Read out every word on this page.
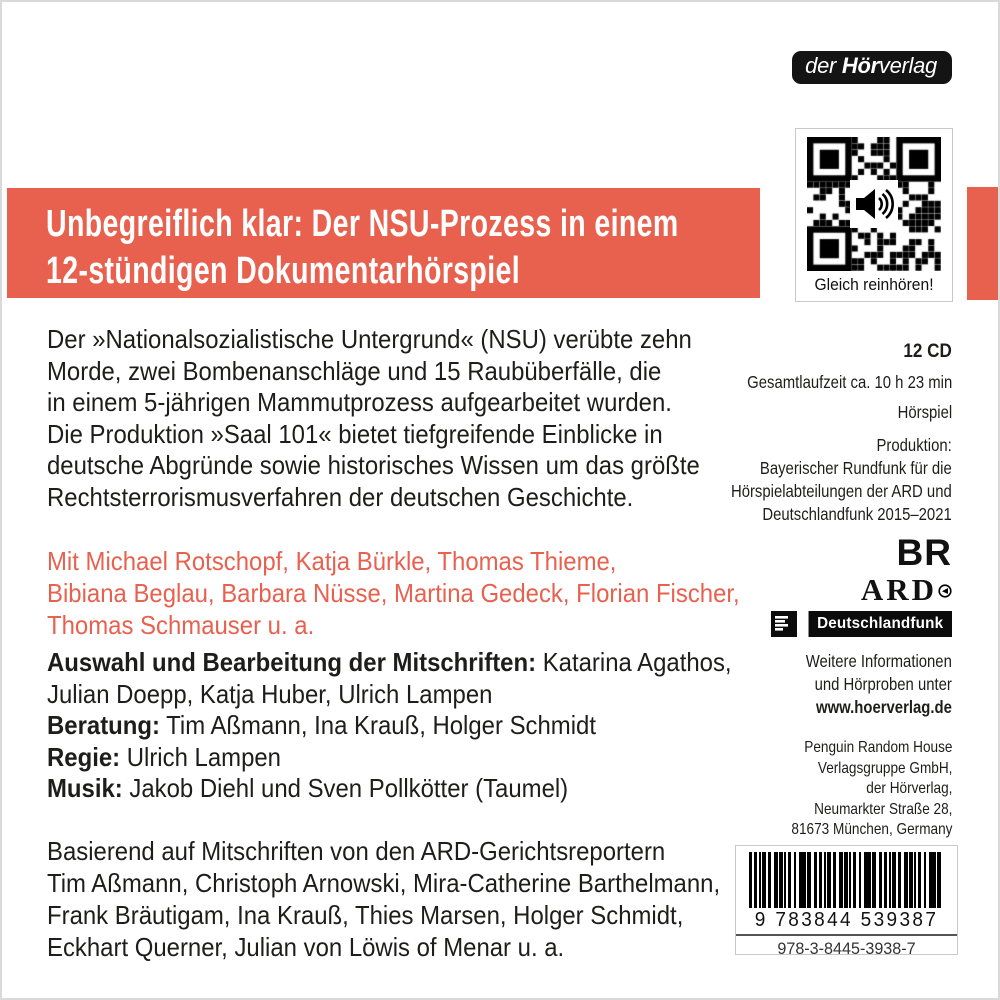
der Hörverlag
Gleich reinhören!
Unbegreiflich klar: Der NSU-Prozess in einem
12-stündigen Dokumentarhörspiel
Der »Nationalsozialistische Untergrund« (NSU) verübte zehn
Morde, zwei Bombenanschläge und 15 Raubüberfälle, die
in einem 5-jährigen Mammutprozess aufgearbeitet wurden.
Die Produktion »Saal 101« bietet tiefgreifende Einblicke in
deutsche Abgründe sowie historisches Wissen um das größte
Rechtsterrorismusverfahren der deutschen Geschichte.
Mit Michael Rotschopf, Katja Bürkle, Thomas Thieme,
Bibiana Beglau, Barbara Nüsse, Martina Gedeck, Florian Fischer,
Thomas Schmauser u. a.
Auswahl und Bearbeitung der Mitschriften: Katarina Agathos,
Julian Doepp, Katja Huber, Ulrich Lampen
Beratung: Tim Aßmann, Ina Krauß, Holger Schmidt
Regie: Ulrich Lampen
Musik: Jakob Diehl und Sven Pollkötter (Taumel)
Basierend auf Mitschriften von den ARD-Gerichtsreportern
Tim Aßmann, Christoph Arnowski, Mira-Catherine Barthelmann,
Frank Bräutigam, Ina Krauß, Thies Marsen, Holger Schmidt,
Eckhart Querner, Julian von Löwis of Menar u. a.
12 CD
Gesamtlaufzeit ca. 10 h 23 min
Hörspiel
Produktion:
Bayerischer Rundfunk für die
Hörspielabteilungen der ARD und
Deutschlandfunk 2015–2021
BR
ARD
Deutschlandfunk
Weitere Informationen
und Hörproben unter
www.hoerverlag.de
Penguin Random House
Verlagsgruppe GmbH,
der Hörverlag,
Neumarkter Straße 28,
81673 München, Germany
9 783844 539387
978-3-8445-3938-7
